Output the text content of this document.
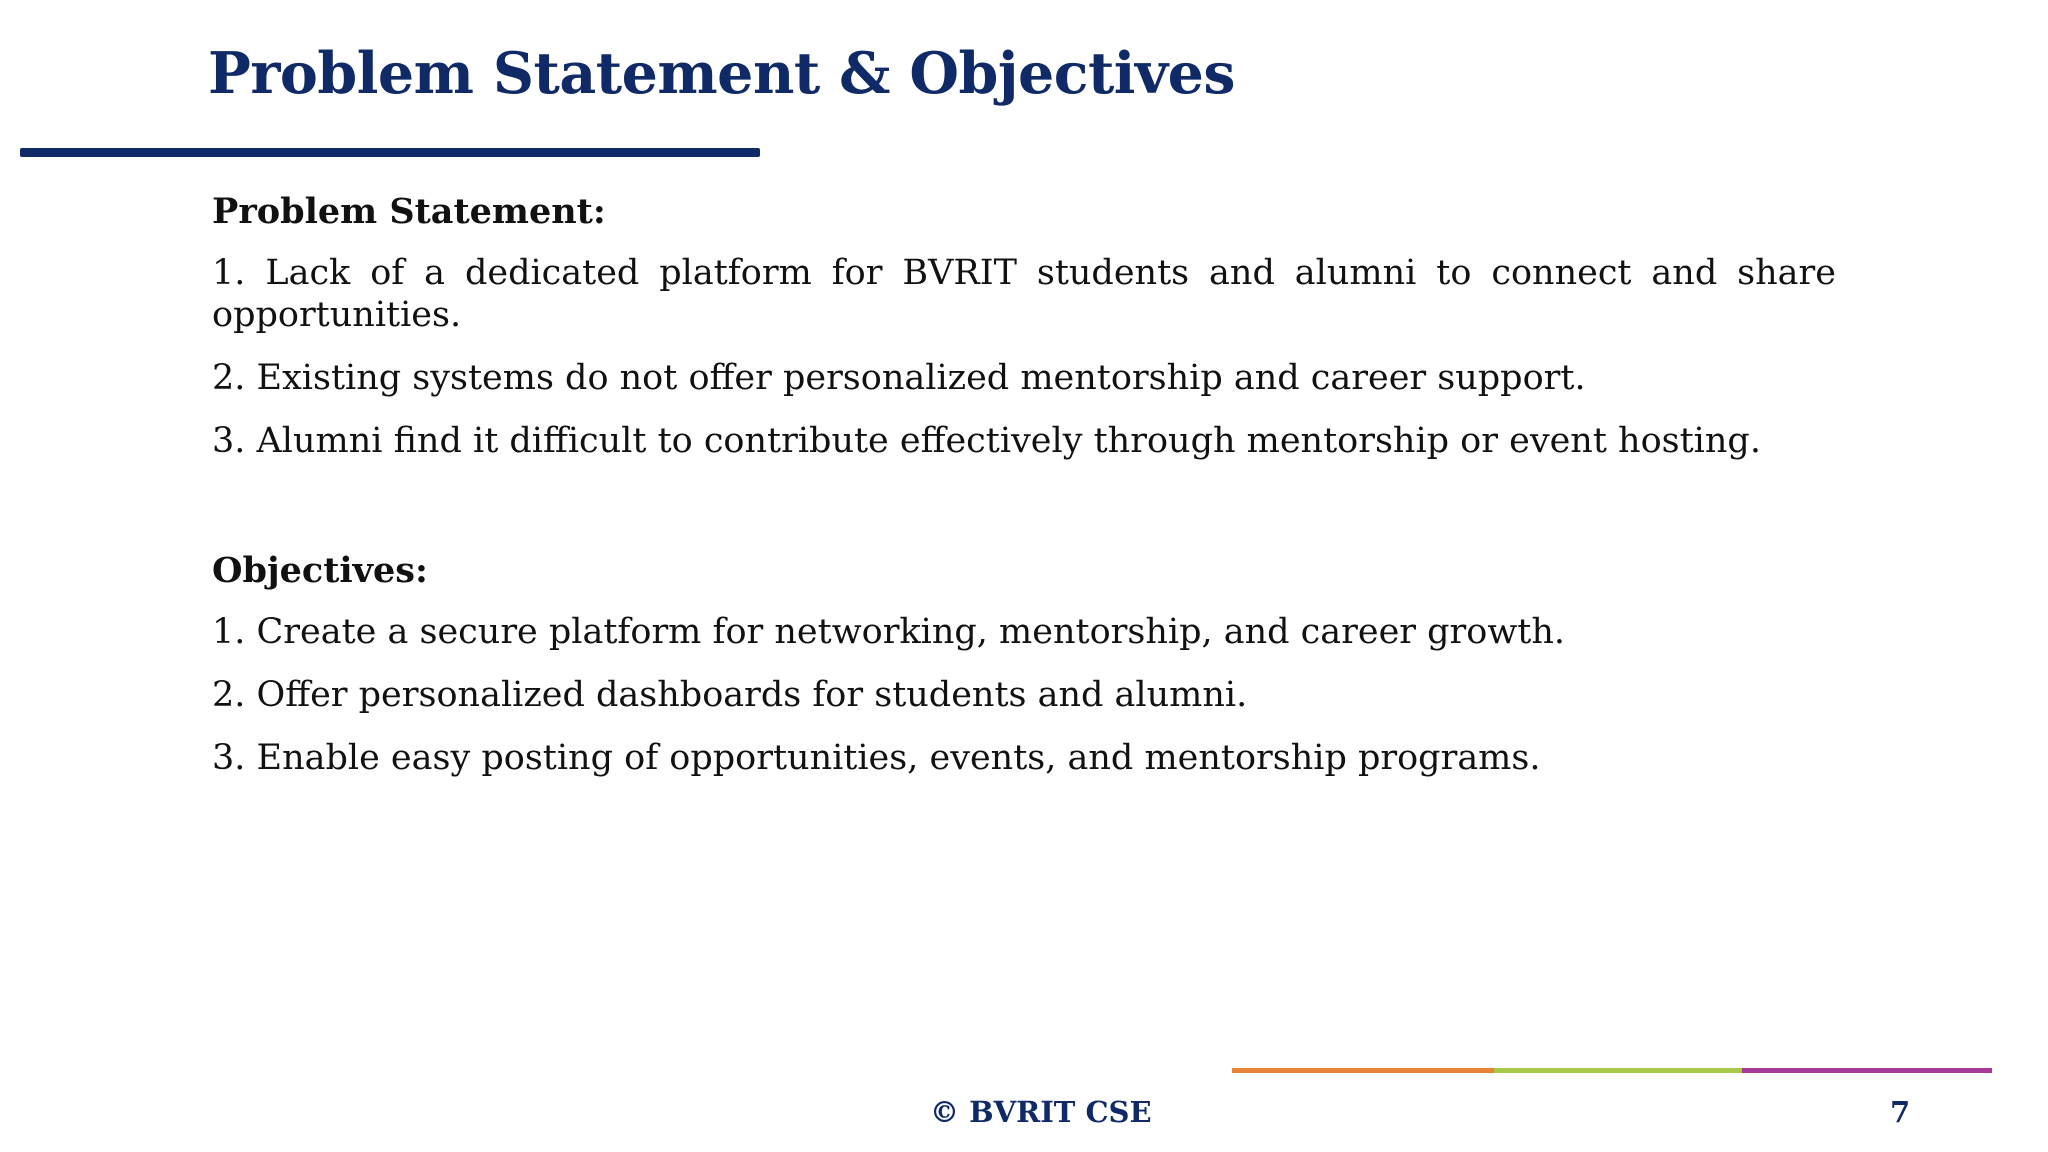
Problem Statement & Objectives
Problem Statement:
1. Lack of a dedicated platform for BVRIT students and alumni to connect and share opportunities.
2. Existing systems do not offer personalized mentorship and career support.
3. Alumni find it difficult to contribute effectively through mentorship or event hosting.
Objectives:
1. Create a secure platform for networking, mentorship, and career growth.
2. Offer personalized dashboards for students and alumni.
3. Enable easy posting of opportunities, events, and mentorship programs.
© BVRIT CSE	7
